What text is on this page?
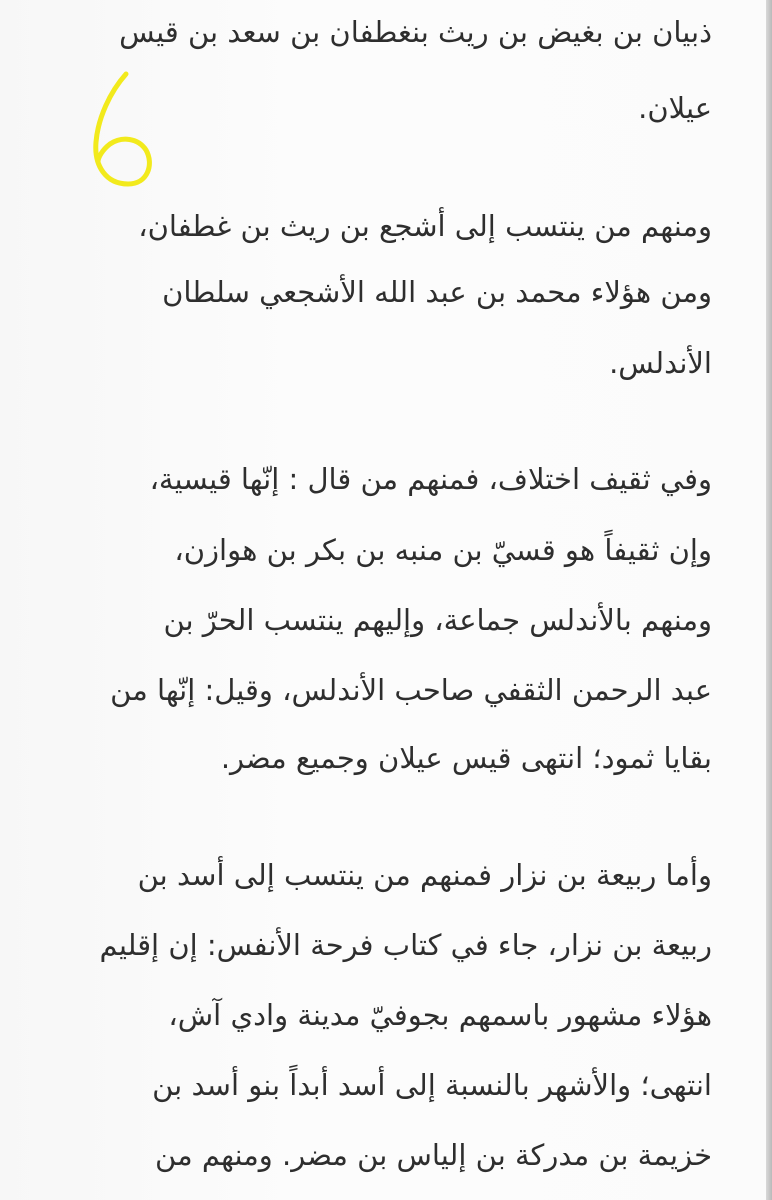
ذبيان بن بغيض بن ريث بنغطفان بن سعد بن قيس
عيلان.
ومنهم من ينتسب إلى أشجع بن ريث بن غطفان،
ومن هؤلاء محمد بن عبد الله الأشجعي سلطان
الأندلس.
وفي ثقيف اختلاف، فمنهم من قال : إنّها قيسية،
وإن ثقيفاً هو قسيّ بن منبه بن بكر بن هوازن،
ومنهم بالأندلس جماعة، وإليهم ينتسب الحرّ بن
عبد الرحمن الثقفي صاحب الأندلس، وقيل: إنّها من
بقايا ثمود؛ انتهى قيس عيلان وجميع مضر.
وأما ربيعة بن نزار فمنهم من ينتسب إلى أسد بن
ربيعة بن نزار، جاء في كتاب فرحة الأنفس: إن إقليم
هؤلاء مشهور باسمهم بجوفيّ مدينة وادي آش،
انتهى؛ والأشهر بالنسبة إلى أسد أبداً بنو أسد بن
خزيمة بن مدركة بن إلياس بن مضر. ومنهم من
